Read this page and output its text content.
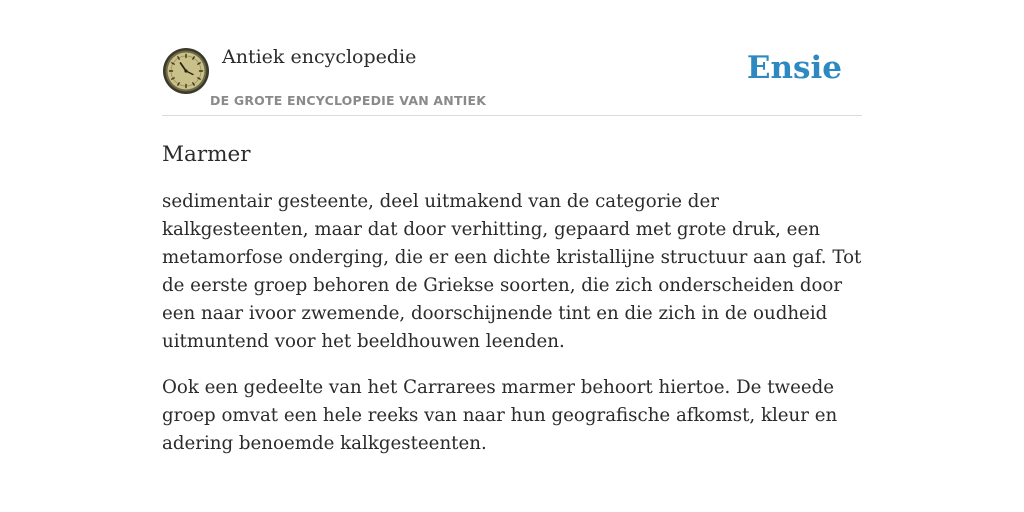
Antiek encyclopedie
DE GROTE ENCYCLOPEDIE VAN ANTIEK
Ensie
Marmer

sedimentair gesteente, deel uitmakend van de categorie der kalkgesteenten, maar dat door verhitting, gepaard met grote druk, een metamorfose onderging, die er een dichte kristallijne structuur aan gaf. Tot de eerste groep behoren de Griekse soorten, die zich onderscheiden door een naar ivoor zwemende, doorschijnende tint en die zich in de oudheid uitmuntend voor het beeldhouwen leenden.

Ook een gedeelte van het Carrarees marmer behoort hiertoe. De tweede groep omvat een hele reeks van naar hun geografische afkomst, kleur en adering benoemde kalkgesteenten.
